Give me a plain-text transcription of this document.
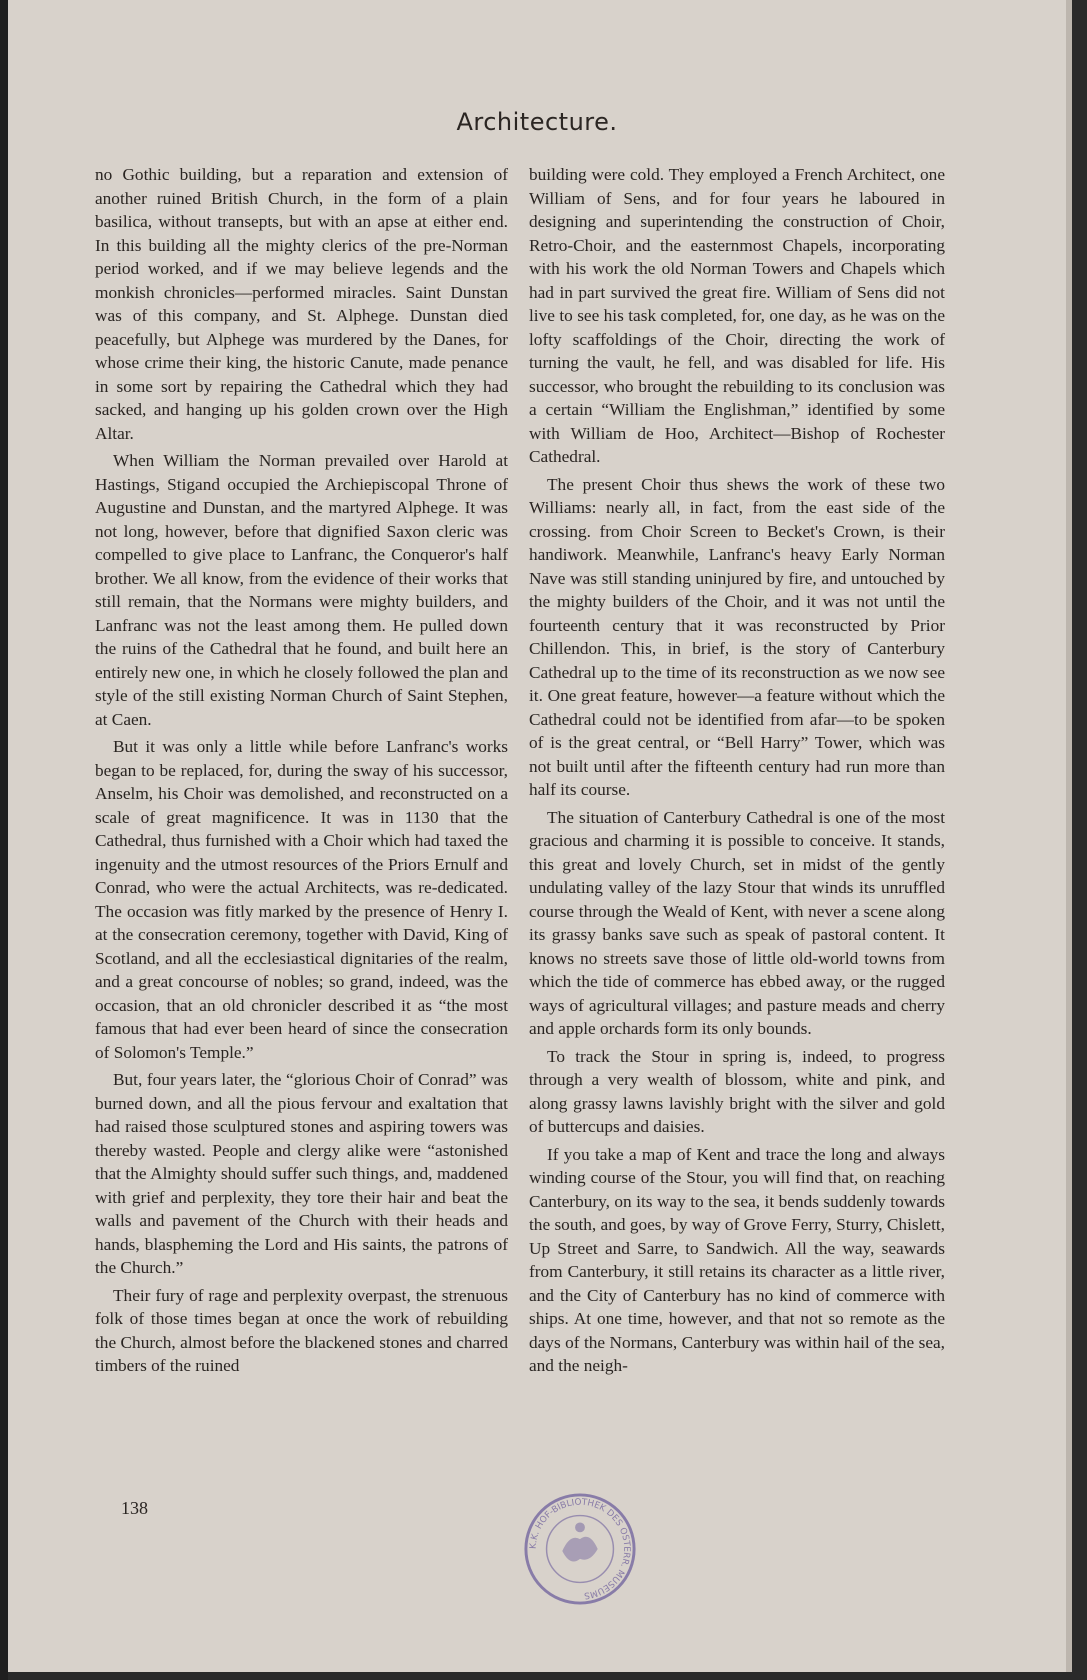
Architecture.

no Gothic building, but a reparation and extension of another ruined British Church, in the form of a plain basilica, without transepts, but with an apse at either end. In this building all the mighty clerics of the pre-Norman period worked, and if we may believe legends and the monkish chronicles—performed miracles. Saint Dunstan was of this company, and St. Alphege. Dunstan died peacefully, but Alphege was murdered by the Danes, for whose crime their king, the historic Canute, made penance in some sort by repairing the Cathedral which they had sacked, and hanging up his golden crown over the High Altar.

When William the Norman prevailed over Harold at Hastings, Stigand occupied the Archiepiscopal Throne of Augustine and Dunstan, and the martyred Alphege. It was not long, however, before that dignified Saxon cleric was compelled to give place to Lanfranc, the Conqueror's half brother. We all know, from the evidence of their works that still remain, that the Normans were mighty builders, and Lanfranc was not the least among them. He pulled down the ruins of the Cathedral that he found, and built here an entirely new one, in which he closely followed the plan and style of the still existing Norman Church of Saint Stephen, at Caen.

But it was only a little while before Lanfranc's works began to be replaced, for, during the sway of his successor, Anselm, his Choir was demolished, and reconstructed on a scale of great magnificence. It was in 1130 that the Cathedral, thus furnished with a Choir which had taxed the ingenuity and the utmost resources of the Priors Ernulf and Conrad, who were the actual Architects, was re-dedicated. The occasion was fitly marked by the presence of Henry I. at the consecration ceremony, together with David, King of Scotland, and all the ecclesiastical dignitaries of the realm, and a great concourse of nobles; so grand, indeed, was the occasion, that an old chronicler described it as “the most famous that had ever been heard of since the consecration of Solomon's Temple.”

But, four years later, the “glorious Choir of Conrad” was burned down, and all the pious fervour and exaltation that had raised those sculptured stones and aspiring towers was thereby wasted. People and clergy alike were “astonished that the Almighty should suffer such things, and, maddened with grief and perplexity, they tore their hair and beat the walls and pavement of the Church with their heads and hands, blaspheming the Lord and His saints, the patrons of the Church.”

Their fury of rage and perplexity overpast, the strenuous folk of those times began at once the work of rebuilding the Church, almost before the blackened stones and charred timbers of the ruined

building were cold. They employed a French Architect, one William of Sens, and for four years he laboured in designing and superintending the construction of Choir, Retro-Choir, and the easternmost Chapels, incorporating with his work the old Norman Towers and Chapels which had in part survived the great fire. William of Sens did not live to see his task completed, for, one day, as he was on the lofty scaffoldings of the Choir, directing the work of turning the vault, he fell, and was disabled for life. His successor, who brought the rebuilding to its conclusion was a certain “William the Englishman,” identified by some with William de Hoo, Architect—Bishop of Rochester Cathedral.

The present Choir thus shews the work of these two Williams: nearly all, in fact, from the east side of the crossing. from Choir Screen to Becket's Crown, is their handiwork. Meanwhile, Lanfranc's heavy Early Norman Nave was still standing uninjured by fire, and untouched by the mighty builders of the Choir, and it was not until the fourteenth century that it was reconstructed by Prior Chillendon. This, in brief, is the story of Canterbury Cathedral up to the time of its reconstruction as we now see it. One great feature, however—a feature without which the Cathedral could not be identified from afar—to be spoken of is the great central, or “Bell Harry” Tower, which was not built until after the fifteenth century had run more than half its course.

The situation of Canterbury Cathedral is one of the most gracious and charming it is possible to conceive. It stands, this great and lovely Church, set in midst of the gently undulating valley of the lazy Stour that winds its unruffled course through the Weald of Kent, with never a scene along its grassy banks save such as speak of pastoral content. It knows no streets save those of little old-world towns from which the tide of commerce has ebbed away, or the rugged ways of agricultural villages; and pasture meads and cherry and apple orchards form its only bounds.

To track the Stour in spring is, indeed, to progress through a very wealth of blossom, white and pink, and along grassy lawns lavishly bright with the silver and gold of buttercups and daisies.

If you take a map of Kent and trace the long and always winding course of the Stour, you will find that, on reaching Canterbury, on its way to the sea, it bends suddenly towards the south, and goes, by way of Grove Ferry, Sturry, Chislett, Up Street and Sarre, to Sandwich. All the way, seawards from Canterbury, it still retains its character as a little river, and the City of Canterbury has no kind of commerce with ships. At one time, however, and that not so remote as the days of the Normans, Canterbury was within hail of the sea, and the neigh-

138
K.K. HOF-BIBLIOTHEK DES OSTERR. MUSEUMS
